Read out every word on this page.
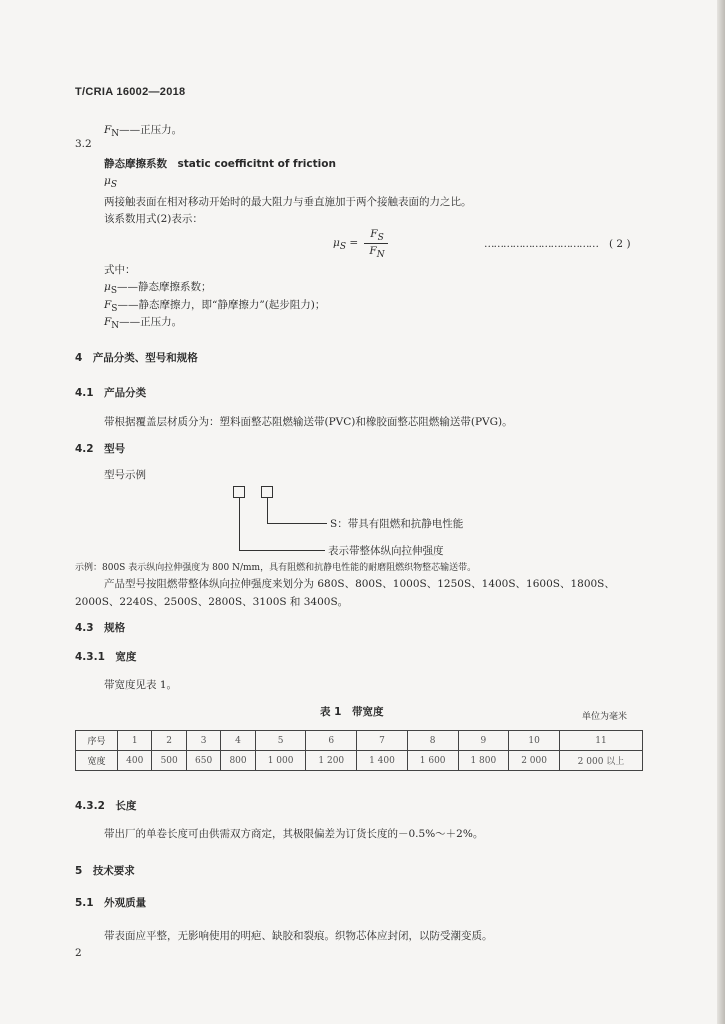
T/CRIA 16002—2018
$F_N——$正压力。
3.2
静态摩擦系数　 static coefficitnt of friction
$\mu_S$
两接触表面在相对移动开始时的最大阻力与垂直施加于两个接触表面的力之比。
该系数用式(2)表示：
$\mu_S$ =
$F_S$
$F_N$
……………………………… ( 2 )
式中：
$\mu_S——$静态摩擦系数；
$F_S——$静态摩擦力，即“静摩擦力”(起步阻力)；
$F_N——$正压力。
4　 产品分类、型号和规格
4.1　 产品分类
带根据覆盖层材质分为：塑料面整芯阻燃输送带(PVC)和橡胶面整芯阻燃输送带(PVG)。
4.2　 型号
型号示例
S：带具有阻燃和抗静电性能
表示带整体纵向拉伸强度
示例：800S 表示纵向拉伸强度为 800 N/mm，具有阻燃和抗静电性能的耐磨阻燃织物整芯输送带。
产品型号按阻燃带整体纵向拉伸强度来划分为 680S、800S、1000S、1250S、1400S、1600S、1800S、
2000S、2240S、2500S、2800S、3100S 和 3400S。
4.3　 规格
4.3.1　 宽度
带宽度见表 1。
表 1　带宽度	单位为毫米
序号	1	2	3	4	5	6	7	8	9	10	11
宽度	400	500	650	800	1 000	1 200	1 400	1 600	1 800	2 000	2 000 以上
4.3.2　 长度
带出厂的单卷长度可由供需双方商定，其极限偏差为订货长度的－0.5%～＋2%。
5　 技术要求
5.1　 外观质量
带表面应平整，无影响使用的明疤、缺胶和裂痕。织物芯体应封闭，以防受潮变质。
2
